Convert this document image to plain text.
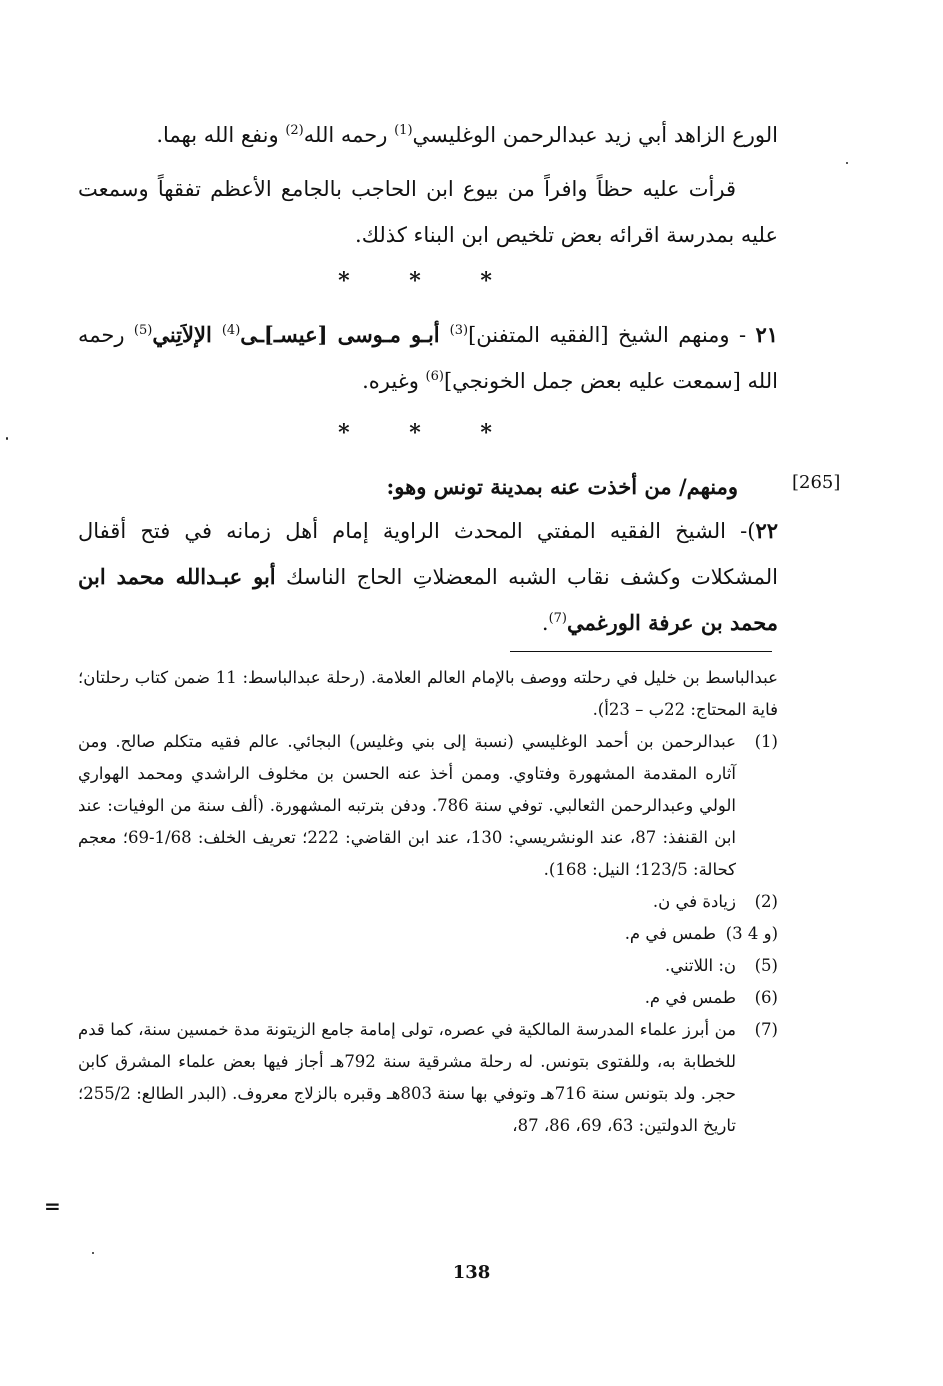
الورع الزاهد أبي زيد عبدالرحمن الوغليسي$^{(1)}$ رحمه الله$^{(2)}$ ونفع الله بهما.

قرأت عليه حظاً وافراً من بيوع ابن الحاجب بالجامع الأعظم تفقهاً وسمعت عليه بمدرسة اقرائه بعض تلخيص ابن البناء كذلك.

* * *

٢١ - ومنهم الشيخ [الفقيه المتفنن]$^{(3)}$ أبـو مـوسى [عيسـ]ـى$^{(4)}$ الإلاَتِني$^{(5)}$ رحمه الله [سمعت عليه بعض جمل الخونجي]$^{(6)}$ وغيره.

* * *
[265]

ومنهم/ من أخذت عنه بمدينة تونس وهو:

٢٢)- الشيخ الفقيه المفتي المحدث الراوية إمام أهل زمانه في فتح أقفال المشكلات وكشف نقاب الشبه المعضلاتِ الحاج الناسك أبو عبـدالله محمد ابن محمد بن عرفة الورغمي$^{(7)}$.

عبدالباسط بن خليل في رحلته ووصف بالإمام العالم العلامة. (رحلة عبدالباسط: 11 ضمن كتاب رحلتان؛ فاية المحتاج: 22ب – 23أ).

(1)
عبدالرحمن بن أحمد الوغليسي (نسبة إلى بني وغليس) البجائي. عالم فقيه متكلم صالح. ومن آثاره المقدمة المشهورة وفتاوي. وممن أخذ عنه الحسن بن مخلوف الراشدي ومحمد الهواري الولي وعبدالرحمن الثعالبي. توفي سنة 786. ودفن بترتبه المشهورة. (ألف سنة من الوفيات: عند ابن القنفذ: 87، عند الونشريسي: 130، عند ابن القاضي: 222؛ تعريف الخلف: 1/68-69؛ معجم كحالة: 123/5؛ النيل: 168).

(2)
زيادة في ن.

(3 و 4)
طمس في م.

(5)
ن: اللاتني.

(6)
طمس في م.

(7)
من أبرز علماء المدرسة المالكية في عصره، تولى إمامة جامع الزيتونة مدة خمسين سنة، كما قدم للخطابة به، وللفتوى بتونس. له رحلة مشرقية سنة 792هـ أجاز فيها بعض علماء المشرق كابن حجر. ولد بتونس سنة 716هـ وتوفي بها سنة 803هـ وقبره بالزلاج معروف. (البدر الطالع: 255/2؛ تاريخ الدولتين: 63، 69، 86، 87،

=
138
